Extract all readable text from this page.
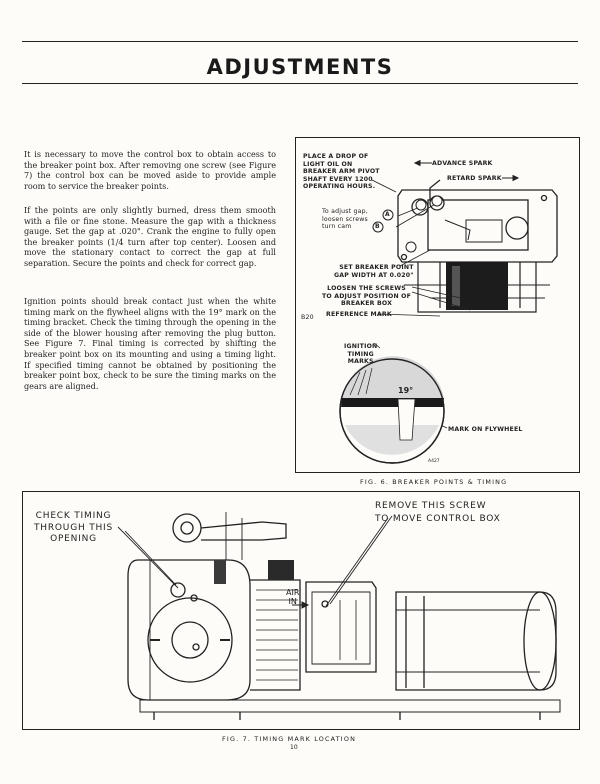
ADJUSTMENTS
It is necessary to move the control box to obtain access to the breaker point box. After removing one screw (see Figure 7) the control box can be moved aside to provide ample room to service the breaker points.
If the points are only slightly burned, dress them smooth with a file or fine stone. Measure the gap with a thickness gauge. Set the gap at .020". Crank the engine to fully open the breaker points (1/4 turn after top center). Loosen and move the stationary contact to correct the gap at full separation. Secure the points and check for correct gap.
Ignition points should break contact just when the white timing mark on the flywheel aligns with the 19° mark on the timing bracket. Check the timing through the opening in the side of the blower housing after removing the plug button. See Figure 7. Final timing is corrected by shifting the breaker point box on its mounting and using a timing light. If specified timing cannot be obtained by positioning the breaker point box, check to be sure the timing marks on the gears are aligned.
PLACE A DROP OF
LIGHT OIL ON
BREAKER ARM PIVOT
SHAFT EVERY 1200
OPERATING HOURS.
ADVANCE SPARK
RETARD SPARK
To adjust gap,
loosen screws
turn cam
A
B
SET BREAKER POINT
GAP WIDTH AT 0.020"
LOOSEN THE SCREWS
TO ADJUST POSITION OF
BREAKER BOX
B20 REFERENCE MARK
IGNITION
TIMING
MARKS
19°
MARK ON FLYWHEEL
A427
FIG. 6. BREAKER POINTS & TIMING
CHECK TIMING
THROUGH THIS
OPENING
REMOVE THIS SCREW
TO MOVE CONTROL BOX
AIR
IN
FIG. 7. TIMING MARK LOCATION
10
